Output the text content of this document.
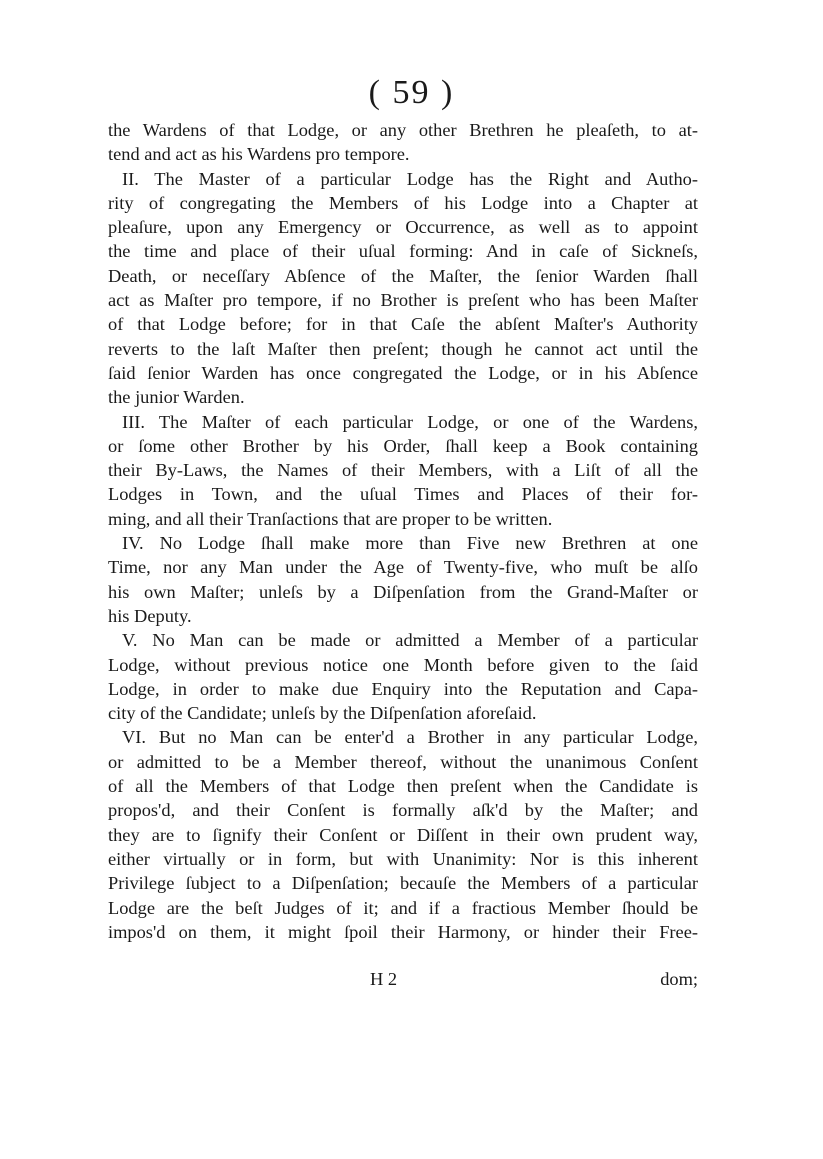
( 59 )
the Wardens of that Lodge, or any other Brethren he pleaſeth, to at-
tend and act as his Wardens pro tempore.
II. The Master of a particular Lodge has the Right and Autho-
rity of congregating the Members of his Lodge into a Chapter at
pleaſure, upon any Emergency or Occurrence, as well as to appoint
the time and place of their uſual forming: And in caſe of Sickneſs,
Death, or neceſſary Abſence of the Maſter, the ſenior Warden ſhall
act as Maſter pro tempore, if no Brother is preſent who has been Maſter
of that Lodge before; for in that Caſe the abſent Maſter's Authority
reverts to the laſt Maſter then preſent; though he cannot act until the
ſaid ſenior Warden has once congregated the Lodge, or in his Abſence
the junior Warden.
III. The Maſter of each particular Lodge, or one of the Wardens,
or ſome other Brother by his Order, ſhall keep a Book containing
their By-Laws, the Names of their Members, with a Liſt of all the
Lodges in Town, and the uſual Times and Places of their for-
ming, and all their Tranſactions that are proper to be written.
IV. No Lodge ſhall make more than Five new Brethren at one
Time, nor any Man under the Age of Twenty-five, who muſt be alſo
his own Maſter; unleſs by a Diſpenſation from the Grand-Maſter or
his Deputy.
V. No Man can be made or admitted a Member of a particular
Lodge, without previous notice one Month before given to the ſaid
Lodge, in order to make due Enquiry into the Reputation and Capa-
city of the Candidate; unleſs by the Diſpenſation aforeſaid.
VI. But no Man can be enter'd a Brother in any particular Lodge,
or admitted to be a Member thereof, without the unanimous Conſent
of all the Members of that Lodge then preſent when the Candidate is
propos'd, and their Conſent is formally aſk'd by the Maſter; and
they are to ſignify their Conſent or Diſſent in their own prudent way,
either virtually or in form, but with Unanimity: Nor is this inherent
Privilege ſubject to a Diſpenſation; becauſe the Members of a particular
Lodge are the beſt Judges of it; and if a fractious Member ſhould be
impos'd on them, it might ſpoil their Harmony, or hinder their Free-
H 2	dom;
